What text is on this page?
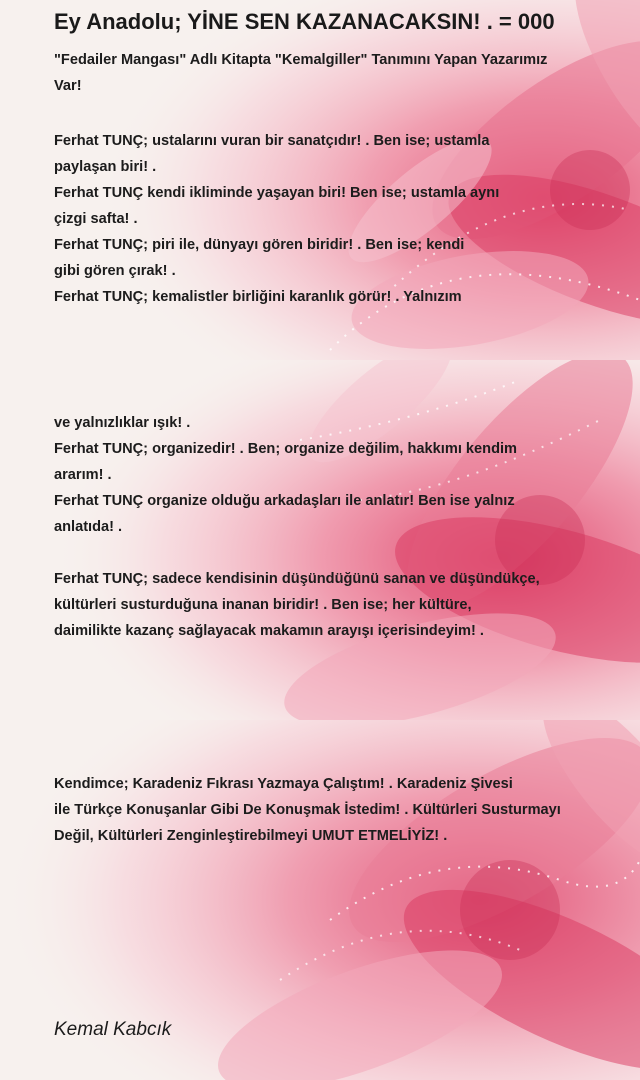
Ey Anadolu; YİNE SEN KAZANACAKSIN! . = 000
"Fedailer Mangası" Adlı Kitapta "Kemalgiller" Tanımını Yapan Yazarımız
Var!
Ferhat TUNÇ; ustalarını vuran bir sanatçıdır! . Ben ise; ustamla
paylaşan biri! .
Ferhat TUNÇ kendi ikliminde yaşayan biri! Ben ise; ustamla aynı
çizgi safta! .
Ferhat TUNÇ; piri ile, dünyayı gören biridir! . Ben ise; kendi
gibi gören çırak! .
Ferhat TUNÇ; kemalistler birliğini karanlık görür! . Yalnızım
ve yalnızlıklar ışık! .
Ferhat TUNÇ; organizedir! . Ben; organize değilim, hakkımı kendim
ararım! .
Ferhat TUNÇ organize olduğu arkadaşları ile anlatır! Ben ise yalnız
anlatıda! .
Ferhat TUNÇ; sadece kendisinin düşündüğünü sanan ve düşündükçe,
kültürleri susturduğuna inanan biridir! . Ben ise; her kültüre,
daimilikte kazanç sağlayacak makamın arayışı içerisindeyim! .
Kendimce; Karadeniz Fıkrası Yazmaya Çalıştım! . Karadeniz Şivesi
ile Türkçe Konuşanlar Gibi De Konuşmak İstedim! . Kültürleri Susturmayı
Değil, Kültürleri Zenginleştirebilmeyi UMUT ETMELİYİZ! .
Kemal Kabcık
